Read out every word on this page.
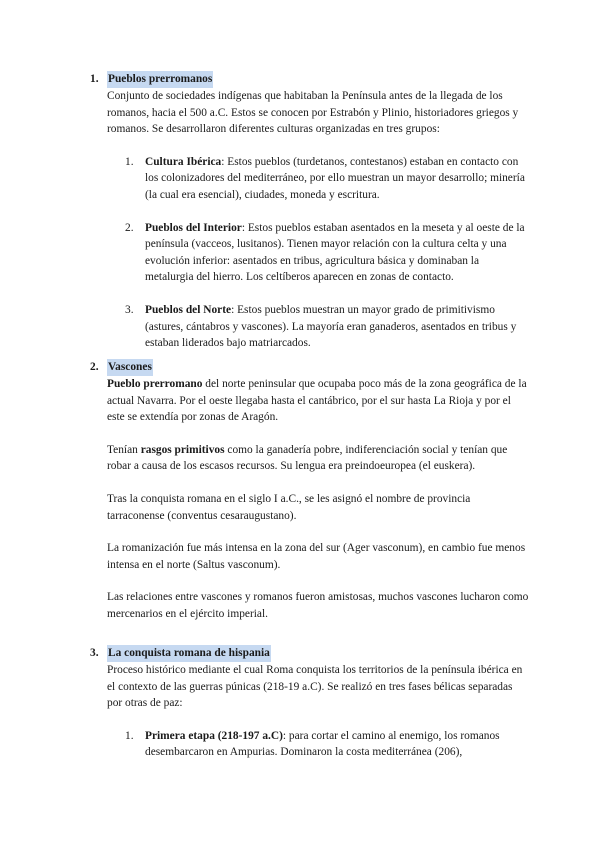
1. Pueblos prerromanos

Conjunto de sociedades indígenas que habitaban la Península antes de la llegada de los romanos, hacia el 500 a.C. Estos se conocen por Estrabón y Plinio, historiadores griegos y romanos. Se desarrollaron diferentes culturas organizadas en tres grupos:

1. Cultura Ibérica: Estos pueblos (turdetanos, contestanos) estaban en contacto con los colonizadores del mediterráneo, por ello muestran un mayor desarrollo; minería (la cual era esencial), ciudades, moneda y escritura.
2. Pueblos del Interior: Estos pueblos estaban asentados en la meseta y al oeste de la península (vacceos, lusitanos). Tienen mayor relación con la cultura celta y una evolución inferior: asentados en tribus, agricultura básica y dominaban la metalurgia del hierro. Los celtíberos aparecen en zonas de contacto.
3. Pueblos del Norte: Estos pueblos muestran un mayor grado de primitivismo (astures, cántabros y vascones). La mayoría eran ganaderos, asentados en tribus y estaban liderados bajo matriarcados.
2. Vascones

Pueblo prerromano del norte peninsular que ocupaba poco más de la zona geográfica de la actual Navarra. Por el oeste llegaba hasta el cantábrico, por el sur hasta La Rioja y por el este se extendía por zonas de Aragón.

Tenían rasgos primitivos como la ganadería pobre, indiferenciación social y tenían que robar a causa de los escasos recursos. Su lengua era preindoeuropea (el euskera).

Tras la conquista romana en el siglo I a.C., se les asignó el nombre de provincia tarraconense (conventus cesaraugustano).

La romanización fue más intensa en la zona del sur (Ager vasconum), en cambio fue menos intensa en el norte (Saltus vasconum).

Las relaciones entre vascones y romanos fueron amistosas, muchos vascones lucharon como mercenarios en el ejército imperial.

3. La conquista romana de hispania

Proceso histórico mediante el cual Roma conquista los territorios de la península ibérica en el contexto de las guerras púnicas (218-19 a.C). Se realizó en tres fases bélicas separadas por otras de paz:

1. Primera etapa (218-197 a.C): para cortar el camino al enemigo, los romanos desembarcaron en Ampurias. Dominaron la costa mediterránea (206),
